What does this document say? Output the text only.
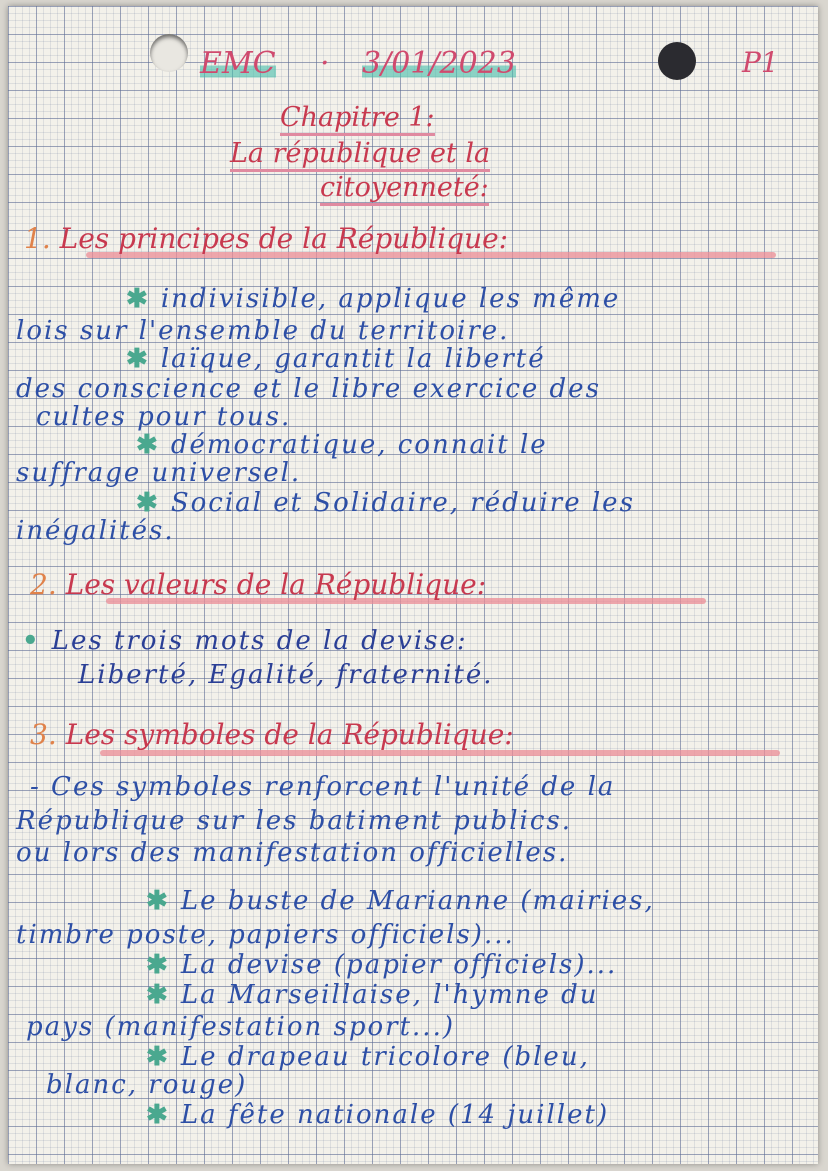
EMC · 3/01/2023	P1
Chapitre 1:
La république et la
citoyenneté:
1. Les principes de la République:
✱ indivisible, applique les même
lois sur l'ensemble du territoire.
✱ laïque, garantit la liberté
des conscience et le libre exercice des
cultes pour tous.
✱ démocratique, connait le
suffrage universel.
✱ Social et Solidaire, réduire les
inégalités.
2. Les valeurs de la République:
• Les trois mots de la devise:
Liberté, Egalité, fraternité.
3. Les symboles de la République:
- Ces symboles renforcent l'unité de la
République sur les batiment publics.
ou lors des manifestation officielles.
✱ Le buste de Marianne (mairies,
timbre poste, papiers officiels)...
✱ La devise (papier officiels)...
✱ La Marseillaise, l'hymne du
pays (manifestation sport...)
✱ Le drapeau tricolore (bleu,
blanc, rouge)
✱ La fête nationale (14 juillet)
